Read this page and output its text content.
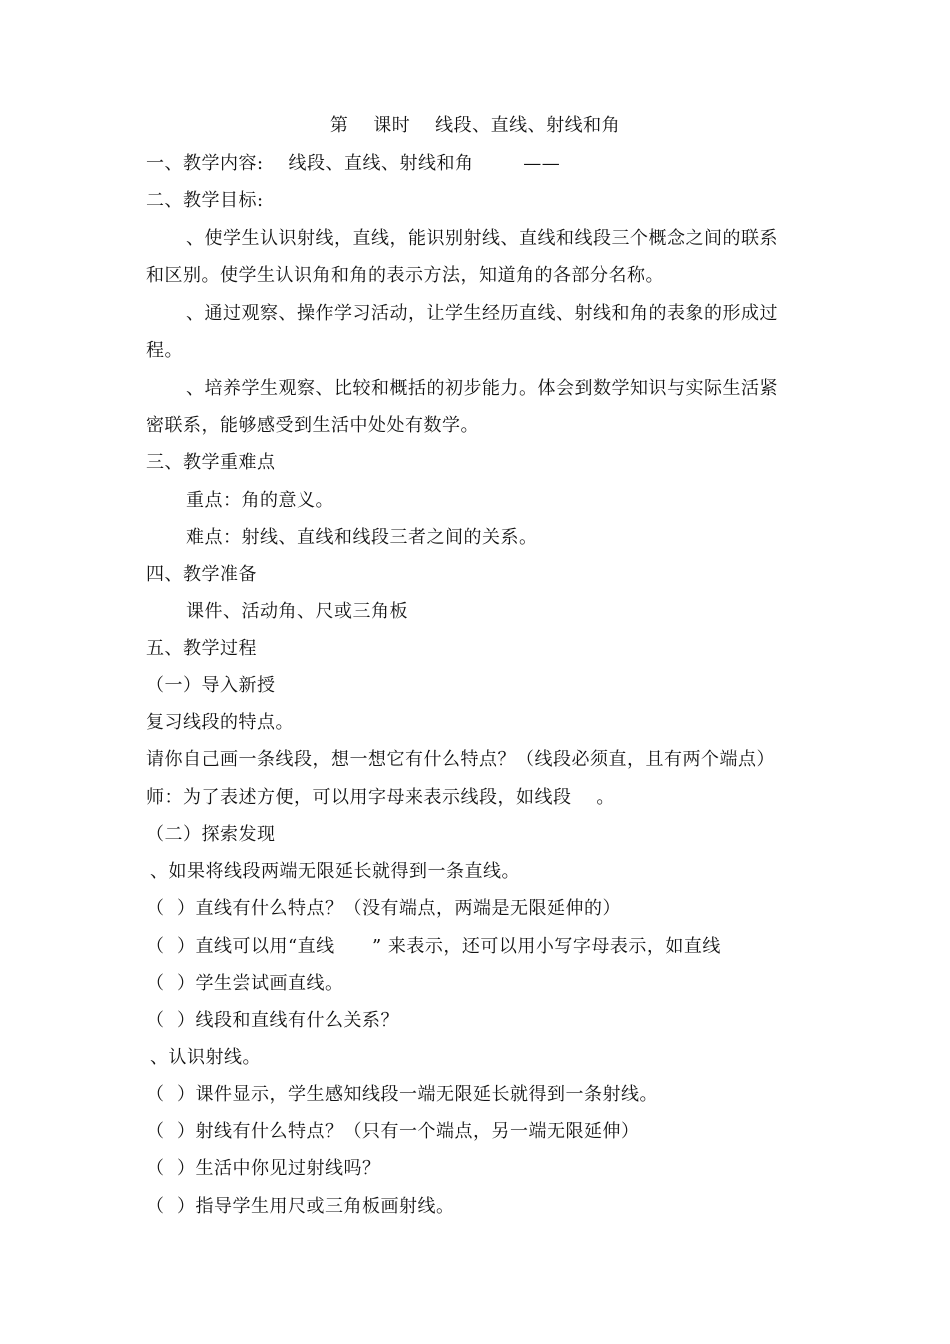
第    课时    线段、直线、射线和角
一、教学内容:    线段、直线、射线和角        ——
二、教学目标:
、使学生认识射线，直线，能识别射线、直线和线段三个概念之间的联系
和区别。使学生认识角和角的表示方法，知道角的各部分名称。
、通过观察、操作学习活动，让学生经历直线、射线和角的表象的形成过
程。
、培养学生观察、比较和概括的初步能力。体会到数学知识与实际生活紧
密联系，能够感受到生活中处处有数学。
三、教学重难点
重点：角的意义。
难点：射线、直线和线段三者之间的关系。
四、教学准备
课件、活动角、尺或三角板
五、教学过程
（一）导入新授
复习线段的特点。
请你自己画一条线段，想一想它有什么特点？（线段必须直，且有两个端点）
师：为了表述方便，可以用字母来表示线段，如线段    。
（二）探索发现
、如果将线段两端无限延长就得到一条直线。
（  ）直线有什么特点？（没有端点，两端是无限延伸的）
（  ）直线可以用“直线      ” 来表示，还可以用小写字母表示，如直线
（  ）学生尝试画直线。
（  ）线段和直线有什么关系？
、认识射线。
（  ）课件显示，学生感知线段一端无限延长就得到一条射线。
（  ）射线有什么特点？（只有一个端点，另一端无限延伸）
（  ）生活中你见过射线吗？
（  ）指导学生用尺或三角板画射线。
